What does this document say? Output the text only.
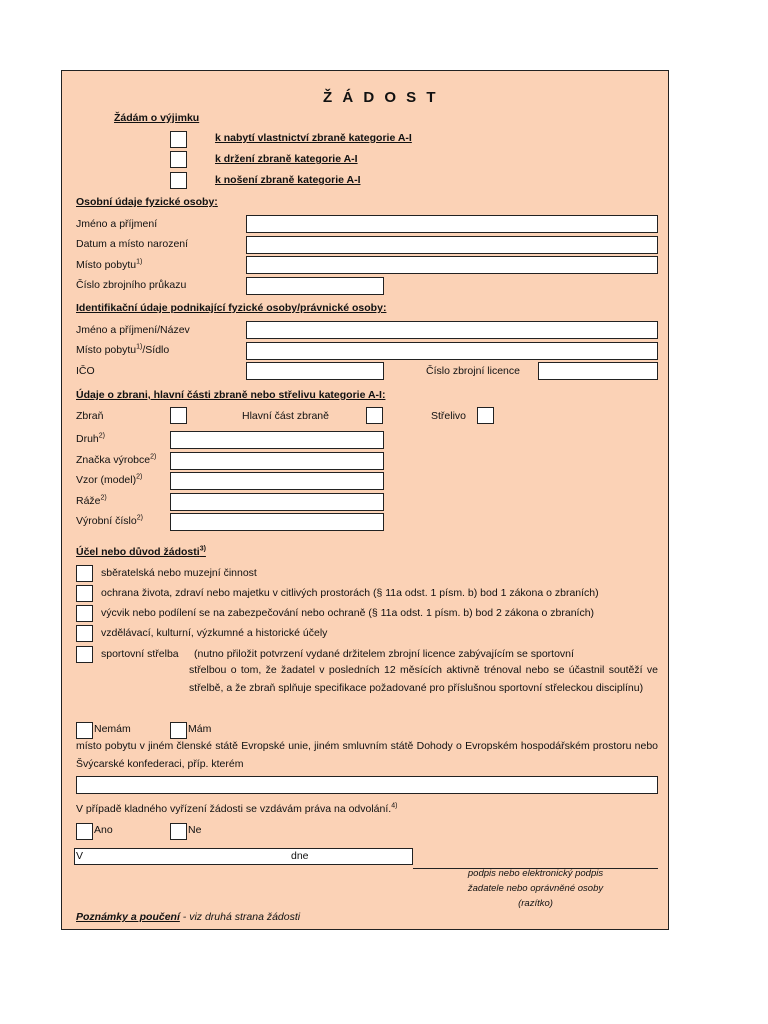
Ž Á D O S T
Žádám o výjimku
k nabytí vlastnictví zbraně kategorie A-I
k držení zbraně kategorie A-I
k nošení zbraně kategorie A-I
Osobní údaje fyzické osoby:
Jméno a příjmení
Datum a místo narození
Místo pobytu$^{1)}$
Číslo zbrojního průkazu
Identifikační údaje podnikající fyzické osoby/právnické osoby:
Jméno a příjmení/Název
Místo pobytu$^{1)}$/Sídlo
IČO	Číslo zbrojní licence
Údaje o zbrani, hlavní části zbraně nebo střelivu kategorie A-I:
Zbraň	Hlavní část zbraně	Střelivo
Druh$^{2)}$
Značka výrobce$^{2)}$
Vzor (model)$^{2)}$
Ráže$^{2)}$
Výrobní číslo$^{2)}$
Účel nebo důvod žádosti$^{3)}$
sběratelská nebo muzejní činnost
ochrana života, zdraví nebo majetku v citlivých prostorách (§ 11a odst. 1 písm. b) bod 1 zákona o zbraních)
výcvik nebo podílení se na zabezpečování nebo ochraně (§ 11a odst. 1 písm. b) bod 2 zákona o zbraních)
vzdělávací, kulturní, výzkumné a historické účely
sportovní střelba (nutno přiložit potvrzení vydané držitelem zbrojní licence zabývajícím se sportovní
střelbou o tom, že žadatel v posledních 12 měsících aktivně trénoval nebo se účastnil soutěží ve střelbě, a že zbraň splňuje specifikace požadované pro příslušnou sportovní střeleckou disciplínu)
Nemám	Mám
místo pobytu v jiném členské státě Evropské unie, jiném smluvním státě Dohody o Evropském hospodářském prostoru nebo Švýcarské konfederaci, příp. kterém
V případě kladného vyřízení žádosti se vzdávám práva na odvolání.$^{4)}$
Ano	Ne
V	dne
podpis nebo elektronický podpis
žadatele nebo oprávněné osoby
(razítko)
Poznámky a poučení - viz druhá strana žádosti
